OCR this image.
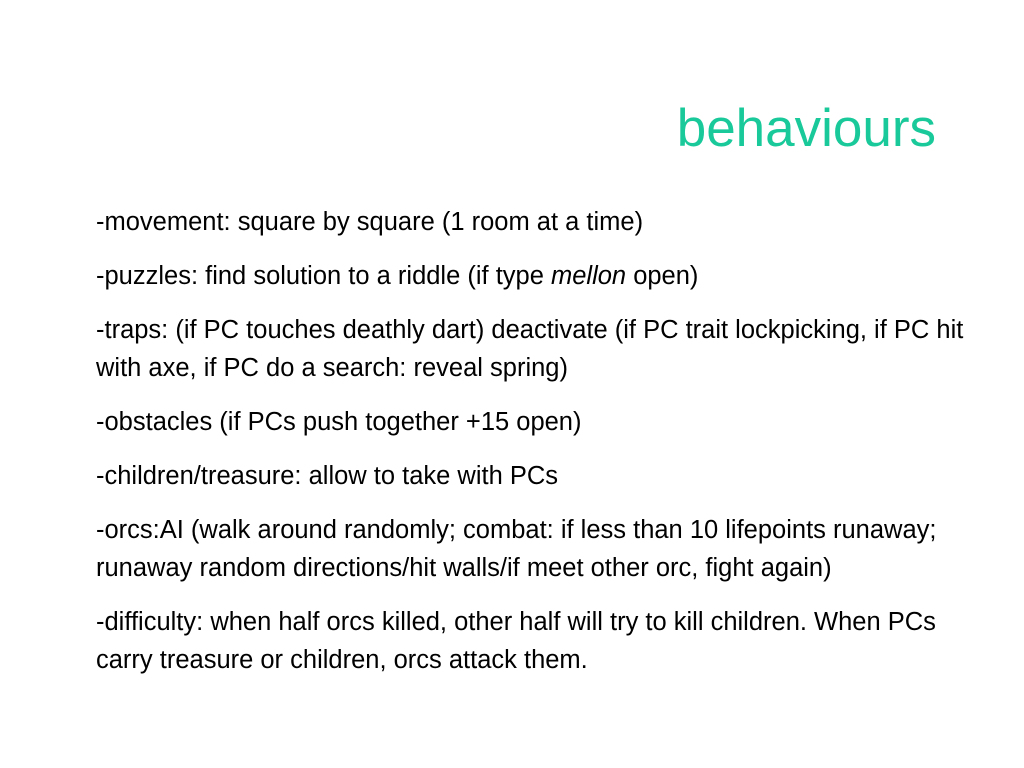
behaviours
-movement: square by square (1 room at a time)
-puzzles: find solution to a riddle (if type mellon open)
-traps: (if PC touches deathly dart) deactivate (if PC trait lockpicking, if PC hit with axe, if PC do a search: reveal spring)
-obstacles (if PCs push together +15 open)
-children/treasure: allow to take with PCs
-orcs:AI (walk around randomly; combat: if less than 10 lifepoints runaway; runaway random directions/hit walls/if meet other orc, fight again)
-difficulty: when half orcs killed, other half will try to kill children. When PCs carry treasure or children, orcs attack them.
